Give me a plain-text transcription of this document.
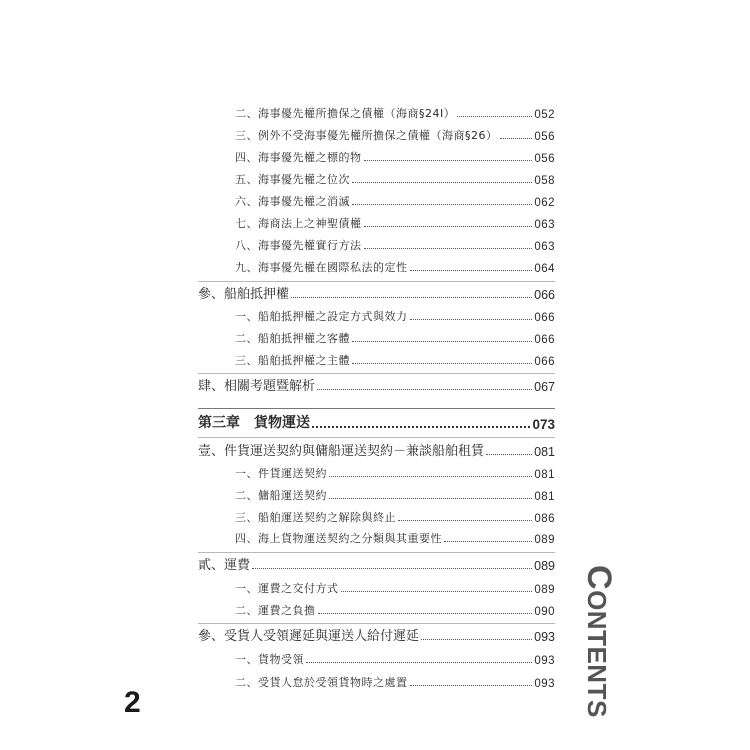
二、海事優先權所擔保之債權（海商§24Ⅰ）	052
三、例外不受海事優先權所擔保之債權（海商§26）	056
四、海事優先權之標的物	056
五、海事優先權之位次	058
六、海事優先權之消滅	062
七、海商法上之神聖債權	063
八、海事優先權實行方法	063
九、海事優先權在國際私法的定性	064
參、船舶抵押權	066
一、船舶抵押權之設定方式與效力	066
二、船舶抵押權之客體	066
三、船舶抵押權之主體	066
肆、相關考題暨解析	067
第三章　貨物運送	073
壹、件貨運送契約與傭船運送契約－兼談船舶租賃	081
一、件貨運送契約	081
二、傭船運送契約	081
三、船舶運送契約之解除與終止	086
四、海上貨物運送契約之分類與其重要性	089
貳、運費	089
一、運費之交付方式	089
二、運費之負擔	090
參、受貨人受領遲延與運送人給付遲延	093
一、貨物受領	093
二、受貨人怠於受領貨物時之處置	093
2
CONTENTS
